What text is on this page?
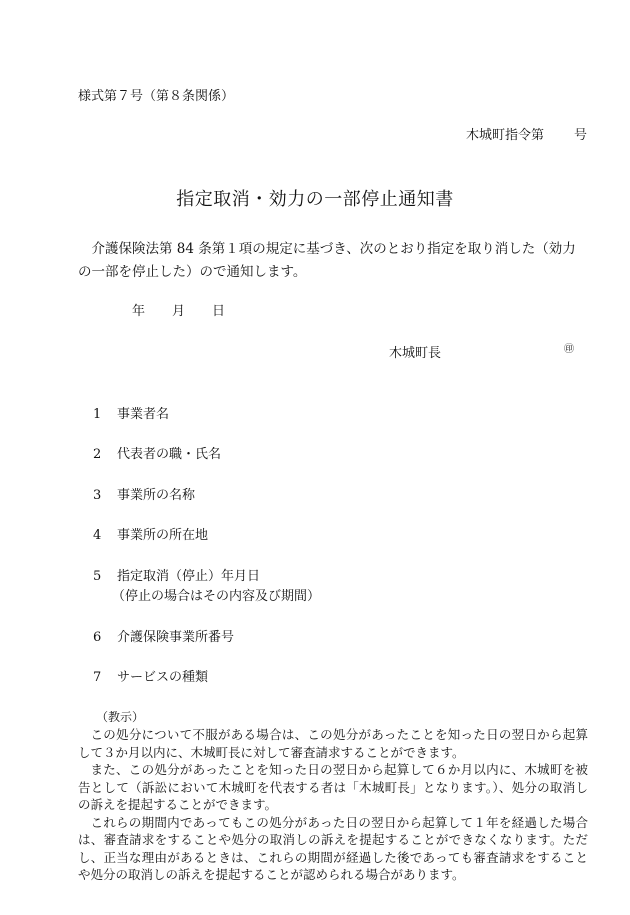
様式第７号（第８条関係）
木城町指令第 号
指定取消・効力の一部停止通知書
介護保険法第 84 条第１項の規定に基づき、次のとおり指定を取り消した（効力の一部を停止した）ので通知します。
年 月 日
木城町長	㊞
1 事業者名
2 代表者の職・氏名
3 事業所の名称
4 事業所の所在地
5 指定取消（停止）年月日
（停止の場合はその内容及び期間）
6 介護保険事業所番号
7 サービスの種類
（教示）

この処分について不服がある場合は、この処分があったことを知った日の翌日から起算して３か月以内に、木城町長に対して審査請求することができます。

また、この処分があったことを知った日の翌日から起算して６か月以内に、木城町を被告として（訴訟において木城町を代表する者は「木城町長」となります。）、処分の取消しの訴えを提起することができます。

これらの期間内であってもこの処分があった日の翌日から起算して１年を経過した場合は、審査請求をすることや処分の取消しの訴えを提起することができなくなります。ただし、正当な理由があるときは、これらの期間が経過した後であっても審査請求をすることや処分の取消しの訴えを提起することが認められる場合があります。
